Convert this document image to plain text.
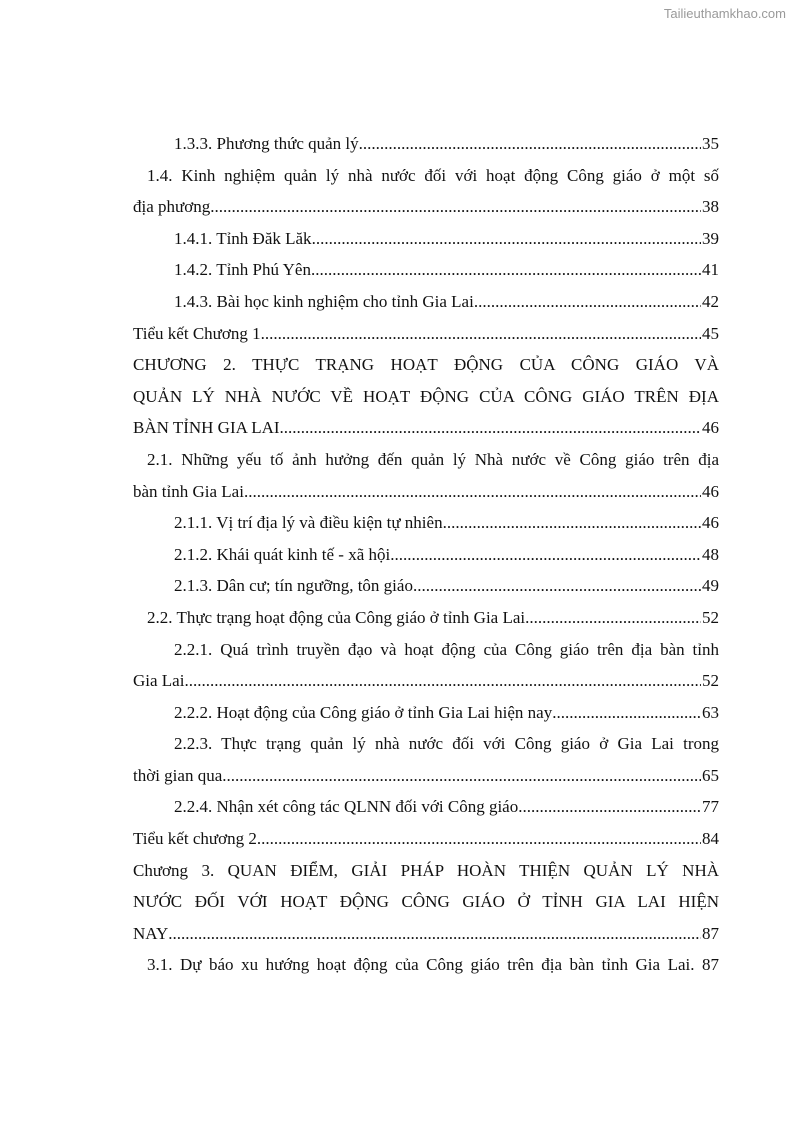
Tailieuthamkhao.com
1.3.3. Phương thức quản lý .....	35
1.4. Kinh nghiệm quản lý nhà nước đối với hoạt động Công giáo ở một số
địa phương .....	38
1.4.1. Tỉnh Đăk Lăk .....	39
1.4.2. Tỉnh Phú Yên .....	41
1.4.3. Bài học kinh nghiệm cho tỉnh Gia Lai .....	42
Tiểu kết Chương 1 .....	45
CHƯƠNG 2. THỰC TRẠNG HOẠT ĐỘNG CỦA CÔNG GIÁO VÀ
QUẢN LÝ NHÀ NƯỚC VỀ HOẠT ĐỘNG CỦA CÔNG GIÁO TRÊN ĐỊA
BÀN TỈNH GIA LAI .....	46
2.1. Những yếu tố ảnh hưởng đến quản lý Nhà nước về Công giáo trên địa
bàn tỉnh Gia Lai .....	46
2.1.1. Vị trí địa lý và điều kiện tự nhiên .....	46
2.1.2. Khái quát kinh tế - xã hội .....	48
2.1.3. Dân cư; tín ngưỡng, tôn giáo .....	49
2.2. Thực trạng hoạt động của Công giáo ở tỉnh Gia Lai .....	52
2.2.1. Quá trình truyền đạo và hoạt động của Công giáo trên địa bàn tỉnh
Gia Lai .....	52
2.2.2. Hoạt động của Công giáo ở tỉnh Gia Lai hiện nay .....	63
2.2.3. Thực trạng quản lý nhà nước đối với Công giáo ở Gia Lai trong
thời gian qua .....	65
2.2.4. Nhận xét công tác QLNN đối với Công giáo .....	77
Tiểu kết chương 2 .....	84
Chương 3. QUAN ĐIỂM, GIẢI PHÁP HOÀN THIỆN QUẢN LÝ NHÀ
NƯỚC ĐỐI VỚI HOẠT ĐỘNG CÔNG GIÁO Ở TỈNH GIA LAI HIỆN
NAY .....	87
3.1. Dự báo xu hướng hoạt động của Công giáo trên địa bàn tỉnh Gia Lai. 87
